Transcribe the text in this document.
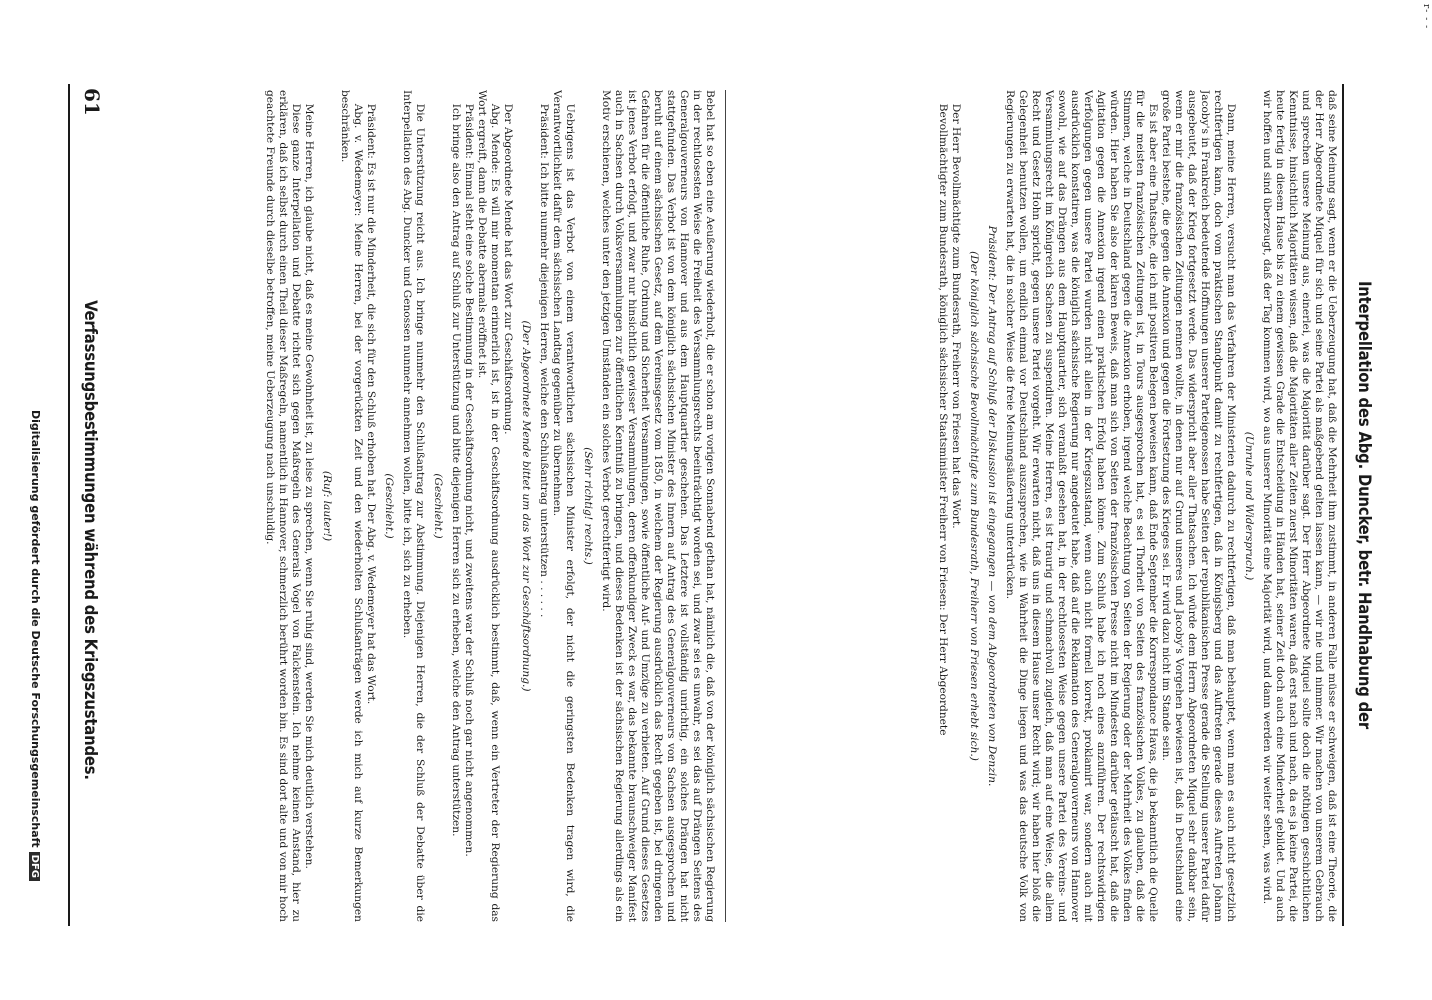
r- - -
Interpellation des Abg. Duncker, betr. Handhabung der

daß seine Meinung sagt, wenn er die Ueberzeugung hat, daß die Mehrheit ihm zustimmt, in anderen Falle müsse er schweigen, daß ist eine Theorie, die der Herr Abgeordnete Miquel für sich und seine Partei als maßgebend gelten lassen kann, — wir nie und nimmer. Wir machen von unserem Gebrauch und sprechen unsere Meinung aus, einerlei, was die Majorität darüber sagt. Der Herr Abgeordnete Miquel sollte doch die nöthigen geschichtlichen Kenntnisse, hinsichtlich Majoritäten wissen, daß die Majoritäten aller Zeiten zuerst Minoritäten waren, daß erst nach und nach, da es ja keine Partei, die heute fertig in diesem Hause bis zu einem gewissen Grade die Entscheidung in Händen hat, seiner Zeit doch auch eine Minderheit gebildet. Und auch wir hoffen und sind überzeugt, daß der Tag kommen wird, wo aus unserer Minorität eine Majorität wird, und dann werden wir weiter sehen, was wird.

(Unruhe und Widerspruch.)

Dann, meine Herren, versucht man das Verfahren der Ministerien dadurch zu rechtfertigen, daß man behauptet, wenn man es auch nicht gesetzlich rechtfertigen kann, doch vom praktischen Standpunkt damit zu rechtfertigen, daß in Königsberg und das Auftreten gerade dieses Auftreten Johann Jacoby's in Frankreich bedeutende Hoffnungen unserer Parteigenossen habe Seiten der republikanischen Presse gerade die Stellung unserer Partei dafür ausgebeutet, daß der Krieg fortgesetzt werde. Das widerspricht aber aller Thatsachen. Ich würde dem Herrn Abgeordneten Miquel sehr dankbar sein, wenn er mir die französischen Zeitungen nennen wollte, in denen nur auf Grund unseres und Jacoby's Vorgehen bewiesen ist, daß in Deutschland eine große Partei bestehe, die gegen die Annexion und gegen die Fortsetzung des Krieges sei. Er wird dazu nicht im Stande sein.

Es ist aber eine Thatsache, die ich mit positiven Belegen beweisen kann, daß Ende September die Korrespondance Havas, die ja bekanntlich die Quelle für die meisten französischen Zeitungen ist, in Tours ausgesprochen hat, es sei Thorheit von Seiten des französischen Volkes, zu glauben, daß die Stimmen, welche in Deutschland gegen die Annexion erhoben, irgend welche Beachtung von Seiten der Regierung oder der Mehrheit des Volkes finden würden. Hier haben Sie also der klaren Beweis, daß man sich von Seiten der französischen Presse nicht im Mindesten darüber getäuscht hat, daß die Agitation gegen die Annexion irgend einen praktischen Erfolg haben könne. Zum Schluß habe ich noch eines anzuführen. Der rechtswidrigen Verfolgungen gegen unsere Partei wurden nicht allein in der Kriegszustand, wenn auch nicht formell korrekt, proklamirt war, sondern auch mit ausdrücklich konstatiren, was die königlich sächsische Regierung nur angedeutet habe, daß auf die Reklamation des Generalgouverneurs von Hannover sowohl, wie auf das Drängen aus dem Hauptquartier, sich veranlaßt gesehen hat, in der rechtlosesten Weise gegen unsere Partei des Vereins- und Versammlungsrecht im Königreich Sachsen zu suspendiren. Meine Herren, es ist traurig und schmachvoll zugleich, daß man auf eine Weise, die allem Recht und Gesetz Hohn spricht, gegen unsere Partei vorgeht. Wir erwarten nicht, daß uns in diesem Hause unser Recht wird; wir haben hier bloß die Gelegenheit benutzen wollen, um endlich einmal vor Deutschland auszusprechen, wie in Wahrheit die Dinge liegen und was das deutsche Volk von Regierungen zu erwarten hat, die in solcher Weise die freie Meinungsäußerung unterdrücken.

Präsident: Der Antrag auf Schluß der Diskussion ist eingegangen — von dem Abgeordneten von Denzin.

(Der königlich sächsische Bevollmächtigte zum Bundesrath, Freiherr von Friesen erhebt sich.)

Der Herr Bevollmächtigte zum Bundesrath, Freiherr von Friesen hat das Wort.

Bevollmächtigter zum Bundesrath, königlich sächsischer Staatsminister Freiherr von Friesen: Der Herr Abgeordnete

Bebel hat so eben eine Aeußerung wiederholt, die er schon am vorigen Sonnabend gethan hat, nämlich die, daß von der königlich sächsischen Regierung in der rechtlosesten Weise die Freiheit des Versammlungsrechts beeinträchtigt worden sei, und zwar sei es unwahr, es sei das auf Drängen Seitens des Generalgouverneurs von Hannover und aus dem Hauptquartier geschehen. Das Letztere ist vollständig unrichtig, ein solches Drängen hat nicht stattgefunden. Das Verbot ist von dem königlich sächsischen Minister des Innern auf Antrag des Generalgouverneurs von Sachsen ausgesprochen und beruht auf einem sächsischen Gesetz, auf dem Vereinsgesetz vom 1850, in welchem der Regierung ausdrücklich das Recht gegeben ist, bei dringenden Gefahren für die öffentliche Ruhe, Ordnung und Sicherheit Versammlungen, sowie öffentliche Auf- und Umzüge zu verbieten. Auf Grund dieses Gesetzes ist jenes Verbot erfolgt, und zwar nur hinsichtlich gewisser Versammlungen, deren offenkundiger Zweck es war, das bekannte braunschweiger Manifest auch in Sachsen durch Volksversammlungen zur öffentlichen Kenntniß zu bringen, und dieses Bedenken ist der sächsischen Regierung allerdings als ein Motiv erschienen, welches unter den jetzigen Umständen ein solches Verbot gerechtfertigt wird.

(Sehr richtig! rechts.)

Uebrigens ist das Verbot von einem verantwortlichen sächsischen Minister erfolgt, der nicht die geringsten Bedenken tragen wird, die Verantwortlichkeit dafür dem sächsischen Landtag gegenüber zu übernehmen.

Präsident: Ich bitte nunmehr diejenigen Herren, welche den Schlußantrag unterstützen . . . . . .

(Der Abgeordnete Mende bittet um das Wort zur Geschäftsordnung.)

Der Abgeordnete Mende hat das Wort zur Geschäftsordnung.

Abg. Mende: Es will mir momentan erinnerlich ist, ist in der Geschäftsordnung ausdrücklich bestimmt, daß, wenn ein Vertreter der Regierung das Wort ergreift, dann die Debatte abermals eröffnet ist.

Präsident: Einmal steht eine solche Bestimmung in der Geschäftsordnung nicht, und zweitens war der Schluß noch gar nicht angenommen.

Ich bringe also den Antrag auf Schluß zur Unterstützung und bitte diejenigen Herren sich zu erheben, welche den Antrag unterstützen.

(Geschieht.)

Die Unterstützung reicht aus. Ich bringe nunmehr den Schlußantrag zur Abstimmung. Diejenigen Herren, die der Schluß der Debatte über die Interpellation des Abg. Duncker und Genossen nunmehr annehmen wollen, bitte ich, sich zu erheben.

(Geschieht.)

Präsident: Es ist nur die Minderheit, die sich für den Schluß erhoben hat. Der Abg. v. Wedemeyer hat das Wort.

Abg. v. Wedemeyer: Meine Herren, bei der vorgerückten Zeit und den wiederholten Schlußanträgen werde ich mich auf kurze Bemerkungen beschränken.

(Ruf: lauter!)

Meine Herren, ich glaube nicht, daß es meine Gewohnheit ist, zu leise zu sprechen, wenn Sie ruhig sind, werden Sie mich deutlich verstehen.

Diese ganze Interpellation und Debatte richtet sich gegen Maßregeln des Generals Vogel von Falckenstein. Ich nehme keinen Anstand, hier zu erklären, daß ich selbst durch einen Theil dieser Maßregeln, namentlich in Hannover, schmerzlich berührt worden bin. Es sind dort alte und von mir hoch geachtete Freunde durch dieselbe betroffen, meine Ueberzeugung nach unschuldig.

61
Verfassungsbestimmungen während des Kriegszustandes.
Digitalisierung gefördert durch die Deutsche ForschungsgemeinschaftDFG
